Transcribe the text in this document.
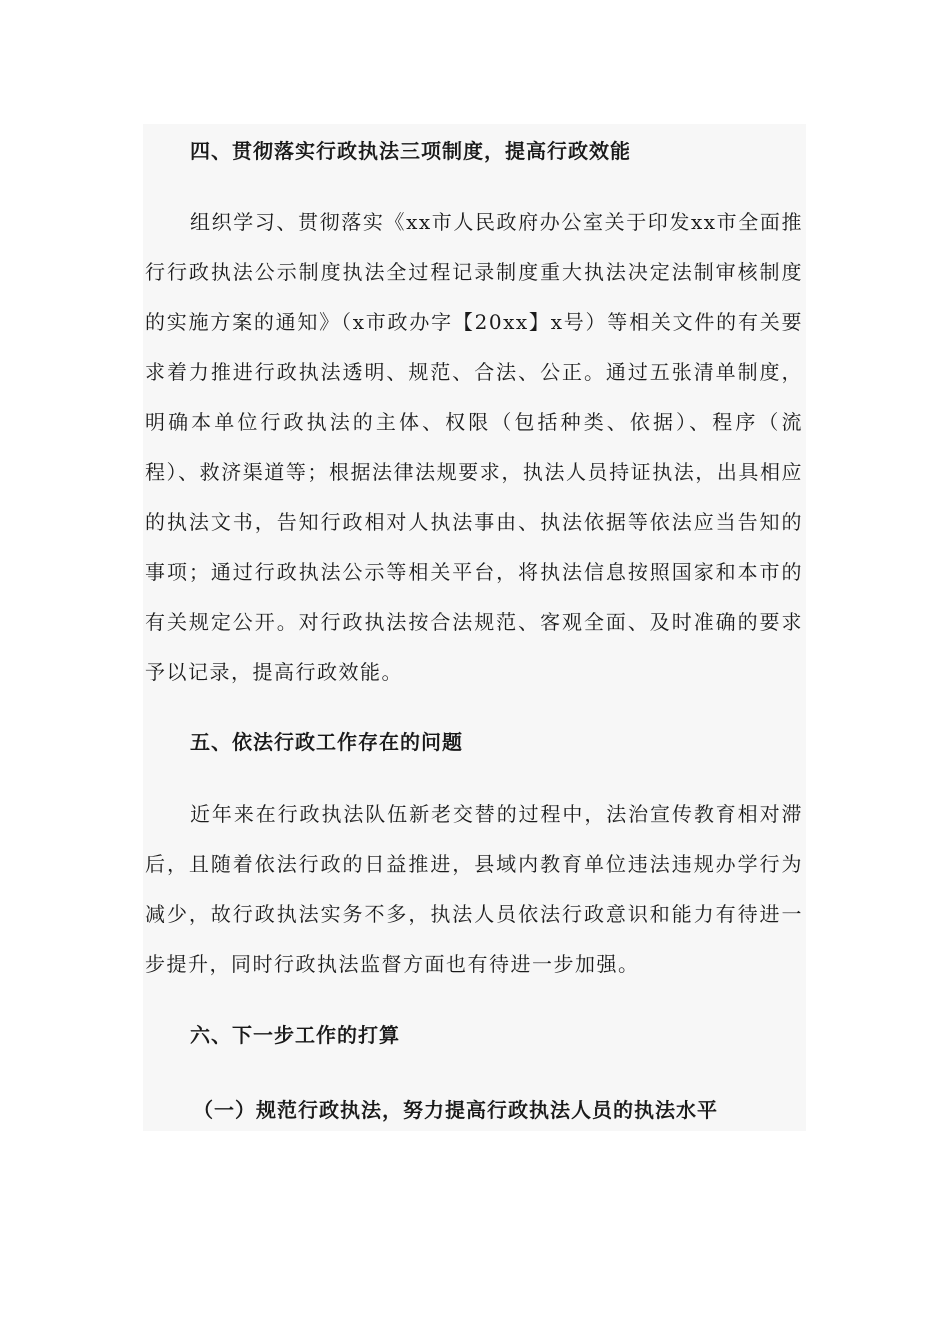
四、贯彻落实行政执法三项制度，提高行政效能

组织学习、贯彻落实《xx市人民政府办公室关于印发xx市全面推行行政执法公示制度执法全过程记录制度重大执法决定法制审核制度的实施方案的通知》（x市政办字【20xx】x号）等相关文件的有关要求着力推进行政执法透明、规范、合法、公正。通过五张清单制度，明确本单位行政执法的主体、权限（包括种类、依据）、程序（流程）、救济渠道等；根据法律法规要求，执法人员持证执法，出具相应的执法文书，告知行政相对人执法事由、执法依据等依法应当告知的事项；通过行政执法公示等相关平台，将执法信息按照国家和本市的有关规定公开。对行政执法按合法规范、客观全面、及时准确的要求予以记录，提高行政效能。

五、依法行政工作存在的问题

近年来在行政执法队伍新老交替的过程中，法治宣传教育相对滞后，且随着依法行政的日益推进，县域内教育单位违法违规办学行为减少，故行政执法实务不多，执法人员依法行政意识和能力有待进一步提升，同时行政执法监督方面也有待进一步加强。

六、下一步工作的打算
（一）规范行政执法，努力提高行政执法人员的执法水平
